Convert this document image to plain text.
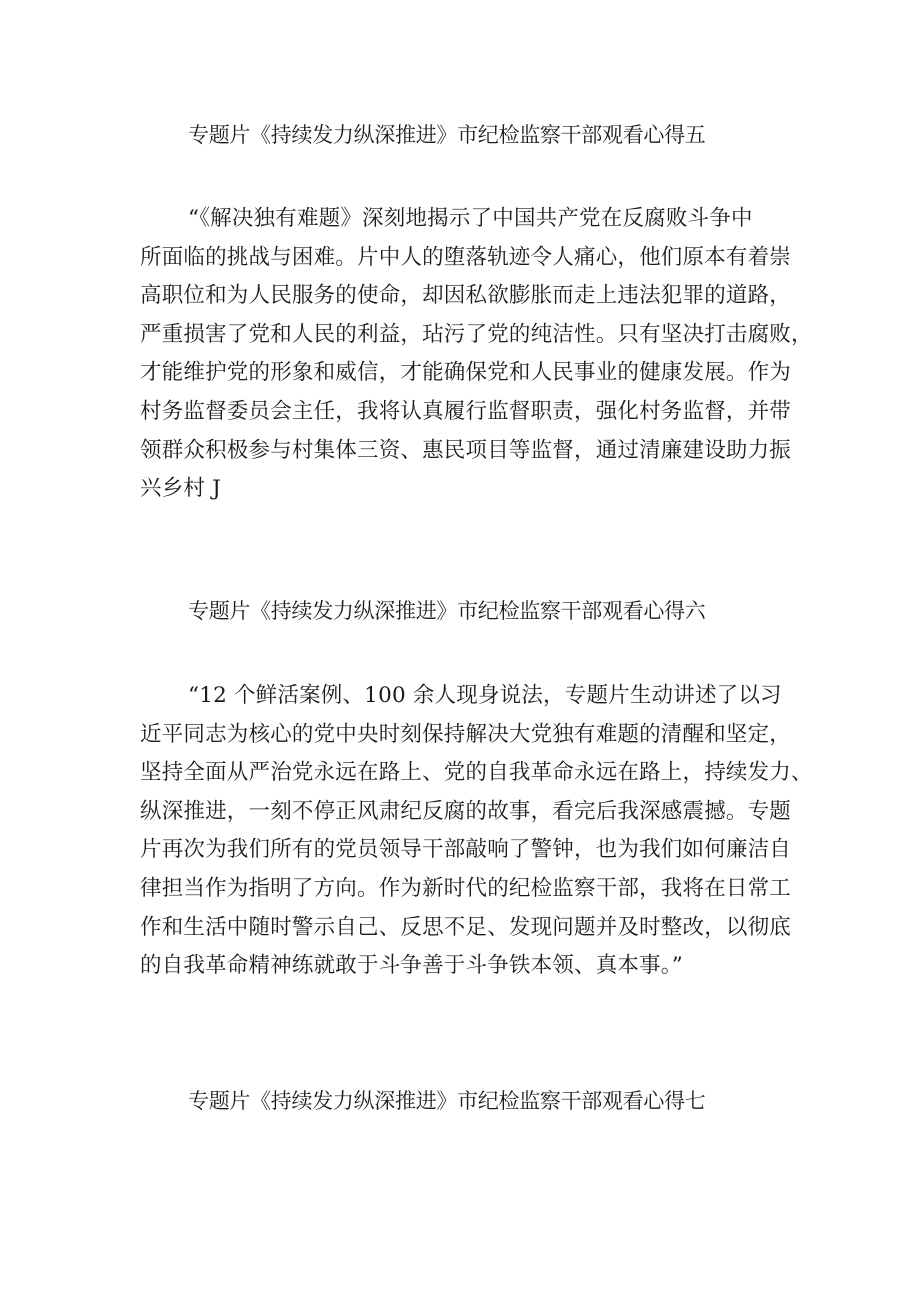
专题片《持续发力纵深推进》市纪检监察干部观看心得五
“《解决独有难题》深刻地揭示了中国共产党在反腐败斗争中
所面临的挑战与困难。片中人的堕落轨迹令人痛心，他们原本有着崇
高职位和为人民服务的使命，却因私欲膨胀而走上违法犯罪的道路，
严重损害了党和人民的利益，玷污了党的纯洁性。只有坚决打击腐败，
才能维护党的形象和威信，才能确保党和人民事业的健康发展。作为
村务监督委员会主任，我将认真履行监督职责，强化村务监督，并带
领群众积极参与村集体三资、惠民项目等监督，通过清廉建设助力振
兴乡村 J
专题片《持续发力纵深推进》市纪检监察干部观看心得六
“12 个鲜活案例、100 余人现身说法，专题片生动讲述了以习
近平同志为核心的党中央时刻保持解决大党独有难题的清醒和坚定，
坚持全面从严治党永远在路上、党的自我革命永远在路上，持续发力、
纵深推进，一刻不停正风肃纪反腐的故事，看完后我深感震撼。专题
片再次为我们所有的党员领导干部敲响了警钟，也为我们如何廉洁自
律担当作为指明了方向。作为新时代的纪检监察干部，我将在日常工
作和生活中随时警示自己、反思不足、发现问题并及时整改，以彻底
的自我革命精神练就敢于斗争善于斗争铁本领、真本事。”
专题片《持续发力纵深推进》市纪检监察干部观看心得七
